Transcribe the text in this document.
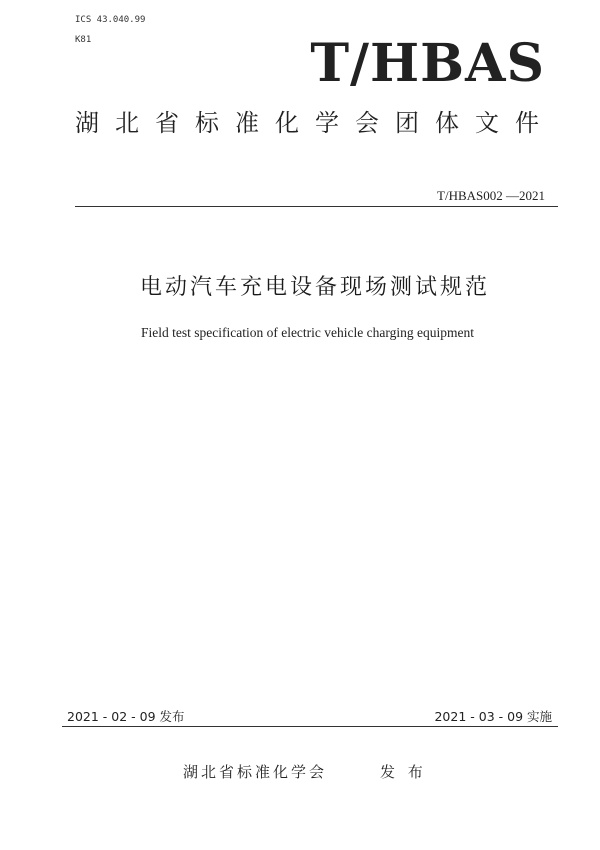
ICS 43.040.99
K81	T/HBAS
湖北省标准化学会团体文件
T/HBAS002 —2021
电动汽车充电设备现场测试规范
Field test specification of electric vehicle charging equipment
2021 - 02 - 09 发布	2021 - 03 - 09 实施
湖北省标准化学会	发 布
